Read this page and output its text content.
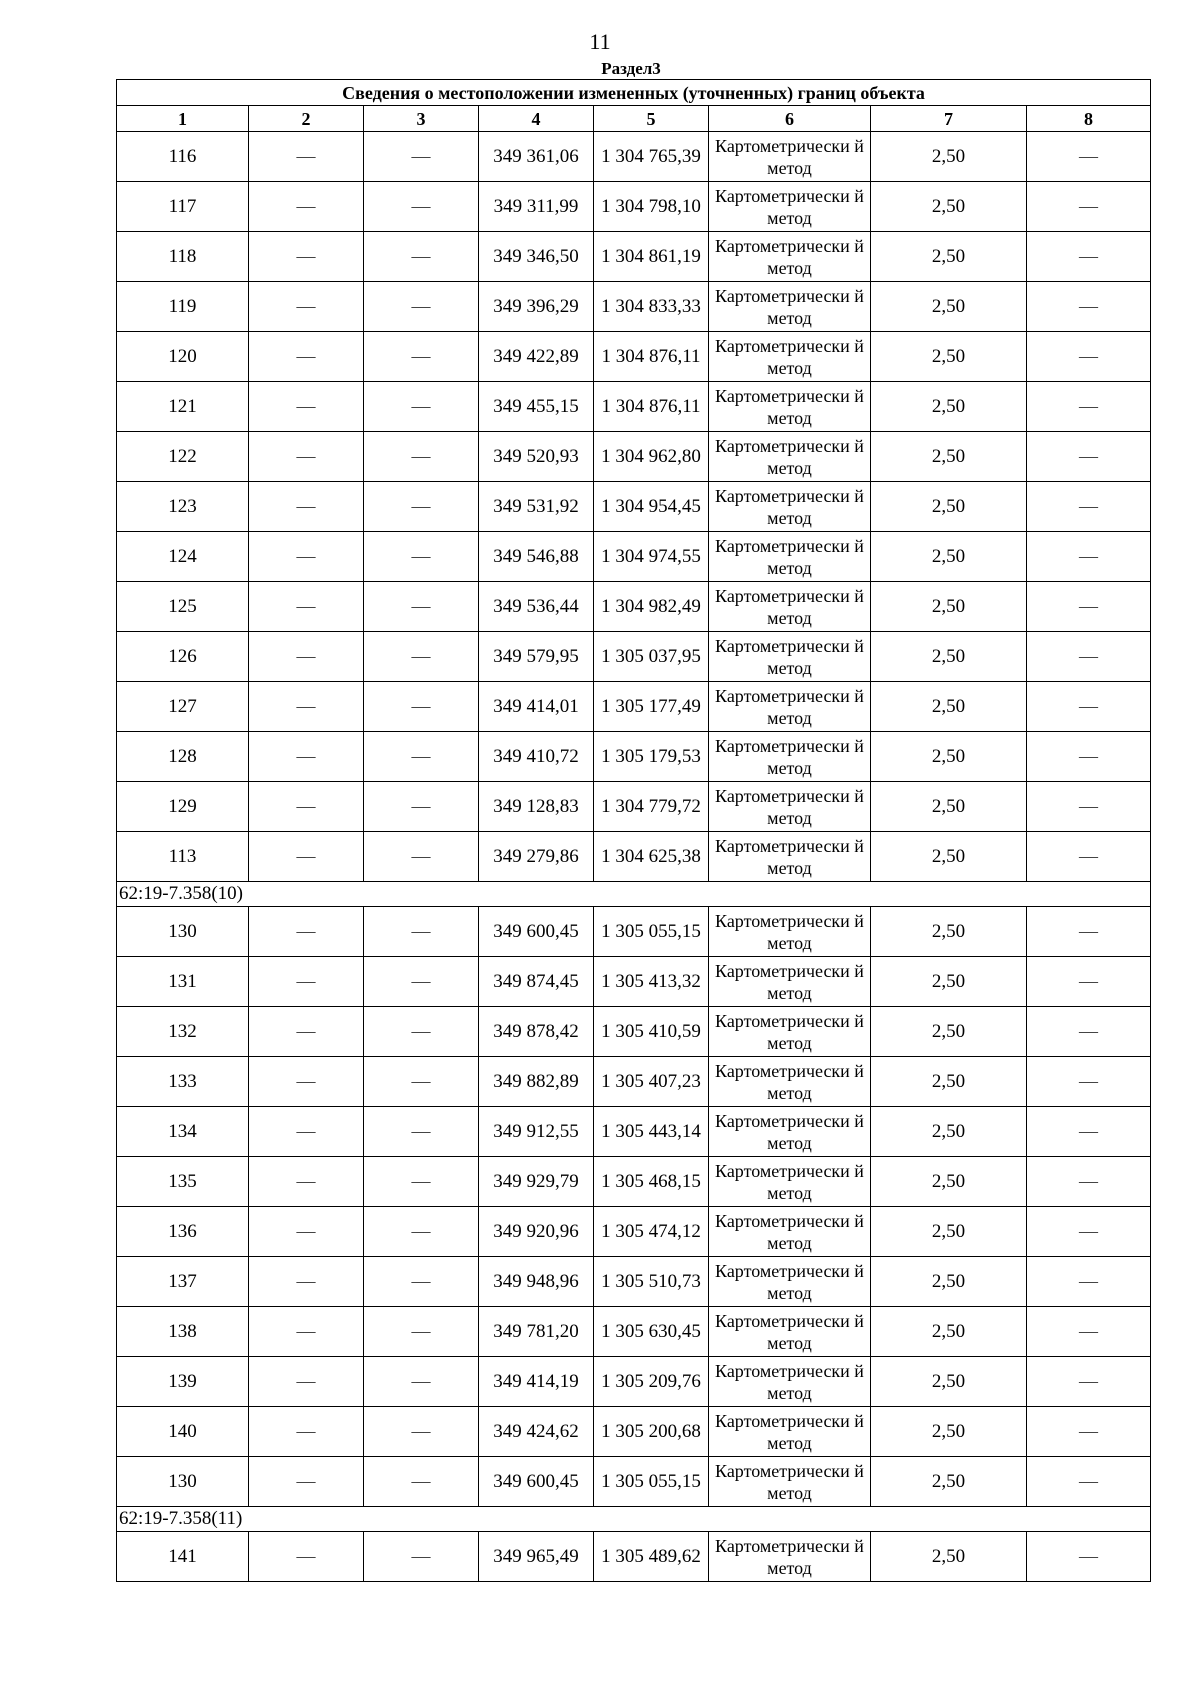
11
Раздел3
Сведения о местоположении измененных (уточненных) границ объекта							
1	2	3	4	5	6	7	8
116	—	—	349 361,06	1 304 765,39	Картометрически й метод	2,50	—
117	—	—	349 311,99	1 304 798,10	Картометрически й метод	2,50	—
118	—	—	349 346,50	1 304 861,19	Картометрически й метод	2,50	—
119	—	—	349 396,29	1 304 833,33	Картометрически й метод	2,50	—
120	—	—	349 422,89	1 304 876,11	Картометрически й метод	2,50	—
121	—	—	349 455,15	1 304 876,11	Картометрически й метод	2,50	—
122	—	—	349 520,93	1 304 962,80	Картометрически й метод	2,50	—
123	—	—	349 531,92	1 304 954,45	Картометрически й метод	2,50	—
124	—	—	349 546,88	1 304 974,55	Картометрически й метод	2,50	—
125	—	—	349 536,44	1 304 982,49	Картометрически й метод	2,50	—
126	—	—	349 579,95	1 305 037,95	Картометрически й метод	2,50	—
127	—	—	349 414,01	1 305 177,49	Картометрически й метод	2,50	—
128	—	—	349 410,72	1 305 179,53	Картометрически й метод	2,50	—
129	—	—	349 128,83	1 304 779,72	Картометрически й метод	2,50	—
113	—	—	349 279,86	1 304 625,38	Картометрически й метод	2,50	—
62:19-7.358(10)							
130	—	—	349 600,45	1 305 055,15	Картометрически й метод	2,50	—
131	—	—	349 874,45	1 305 413,32	Картометрически й метод	2,50	—
132	—	—	349 878,42	1 305 410,59	Картометрически й метод	2,50	—
133	—	—	349 882,89	1 305 407,23	Картометрически й метод	2,50	—
134	—	—	349 912,55	1 305 443,14	Картометрически й метод	2,50	—
135	—	—	349 929,79	1 305 468,15	Картометрически й метод	2,50	—
136	—	—	349 920,96	1 305 474,12	Картометрически й метод	2,50	—
137	—	—	349 948,96	1 305 510,73	Картометрически й метод	2,50	—
138	—	—	349 781,20	1 305 630,45	Картометрически й метод	2,50	—
139	—	—	349 414,19	1 305 209,76	Картометрически й метод	2,50	—
140	—	—	349 424,62	1 305 200,68	Картометрически й метод	2,50	—
130	—	—	349 600,45	1 305 055,15	Картометрически й метод	2,50	—
62:19-7.358(11)							
141	—	—	349 965,49	1 305 489,62	Картометрически й метод	2,50	—
